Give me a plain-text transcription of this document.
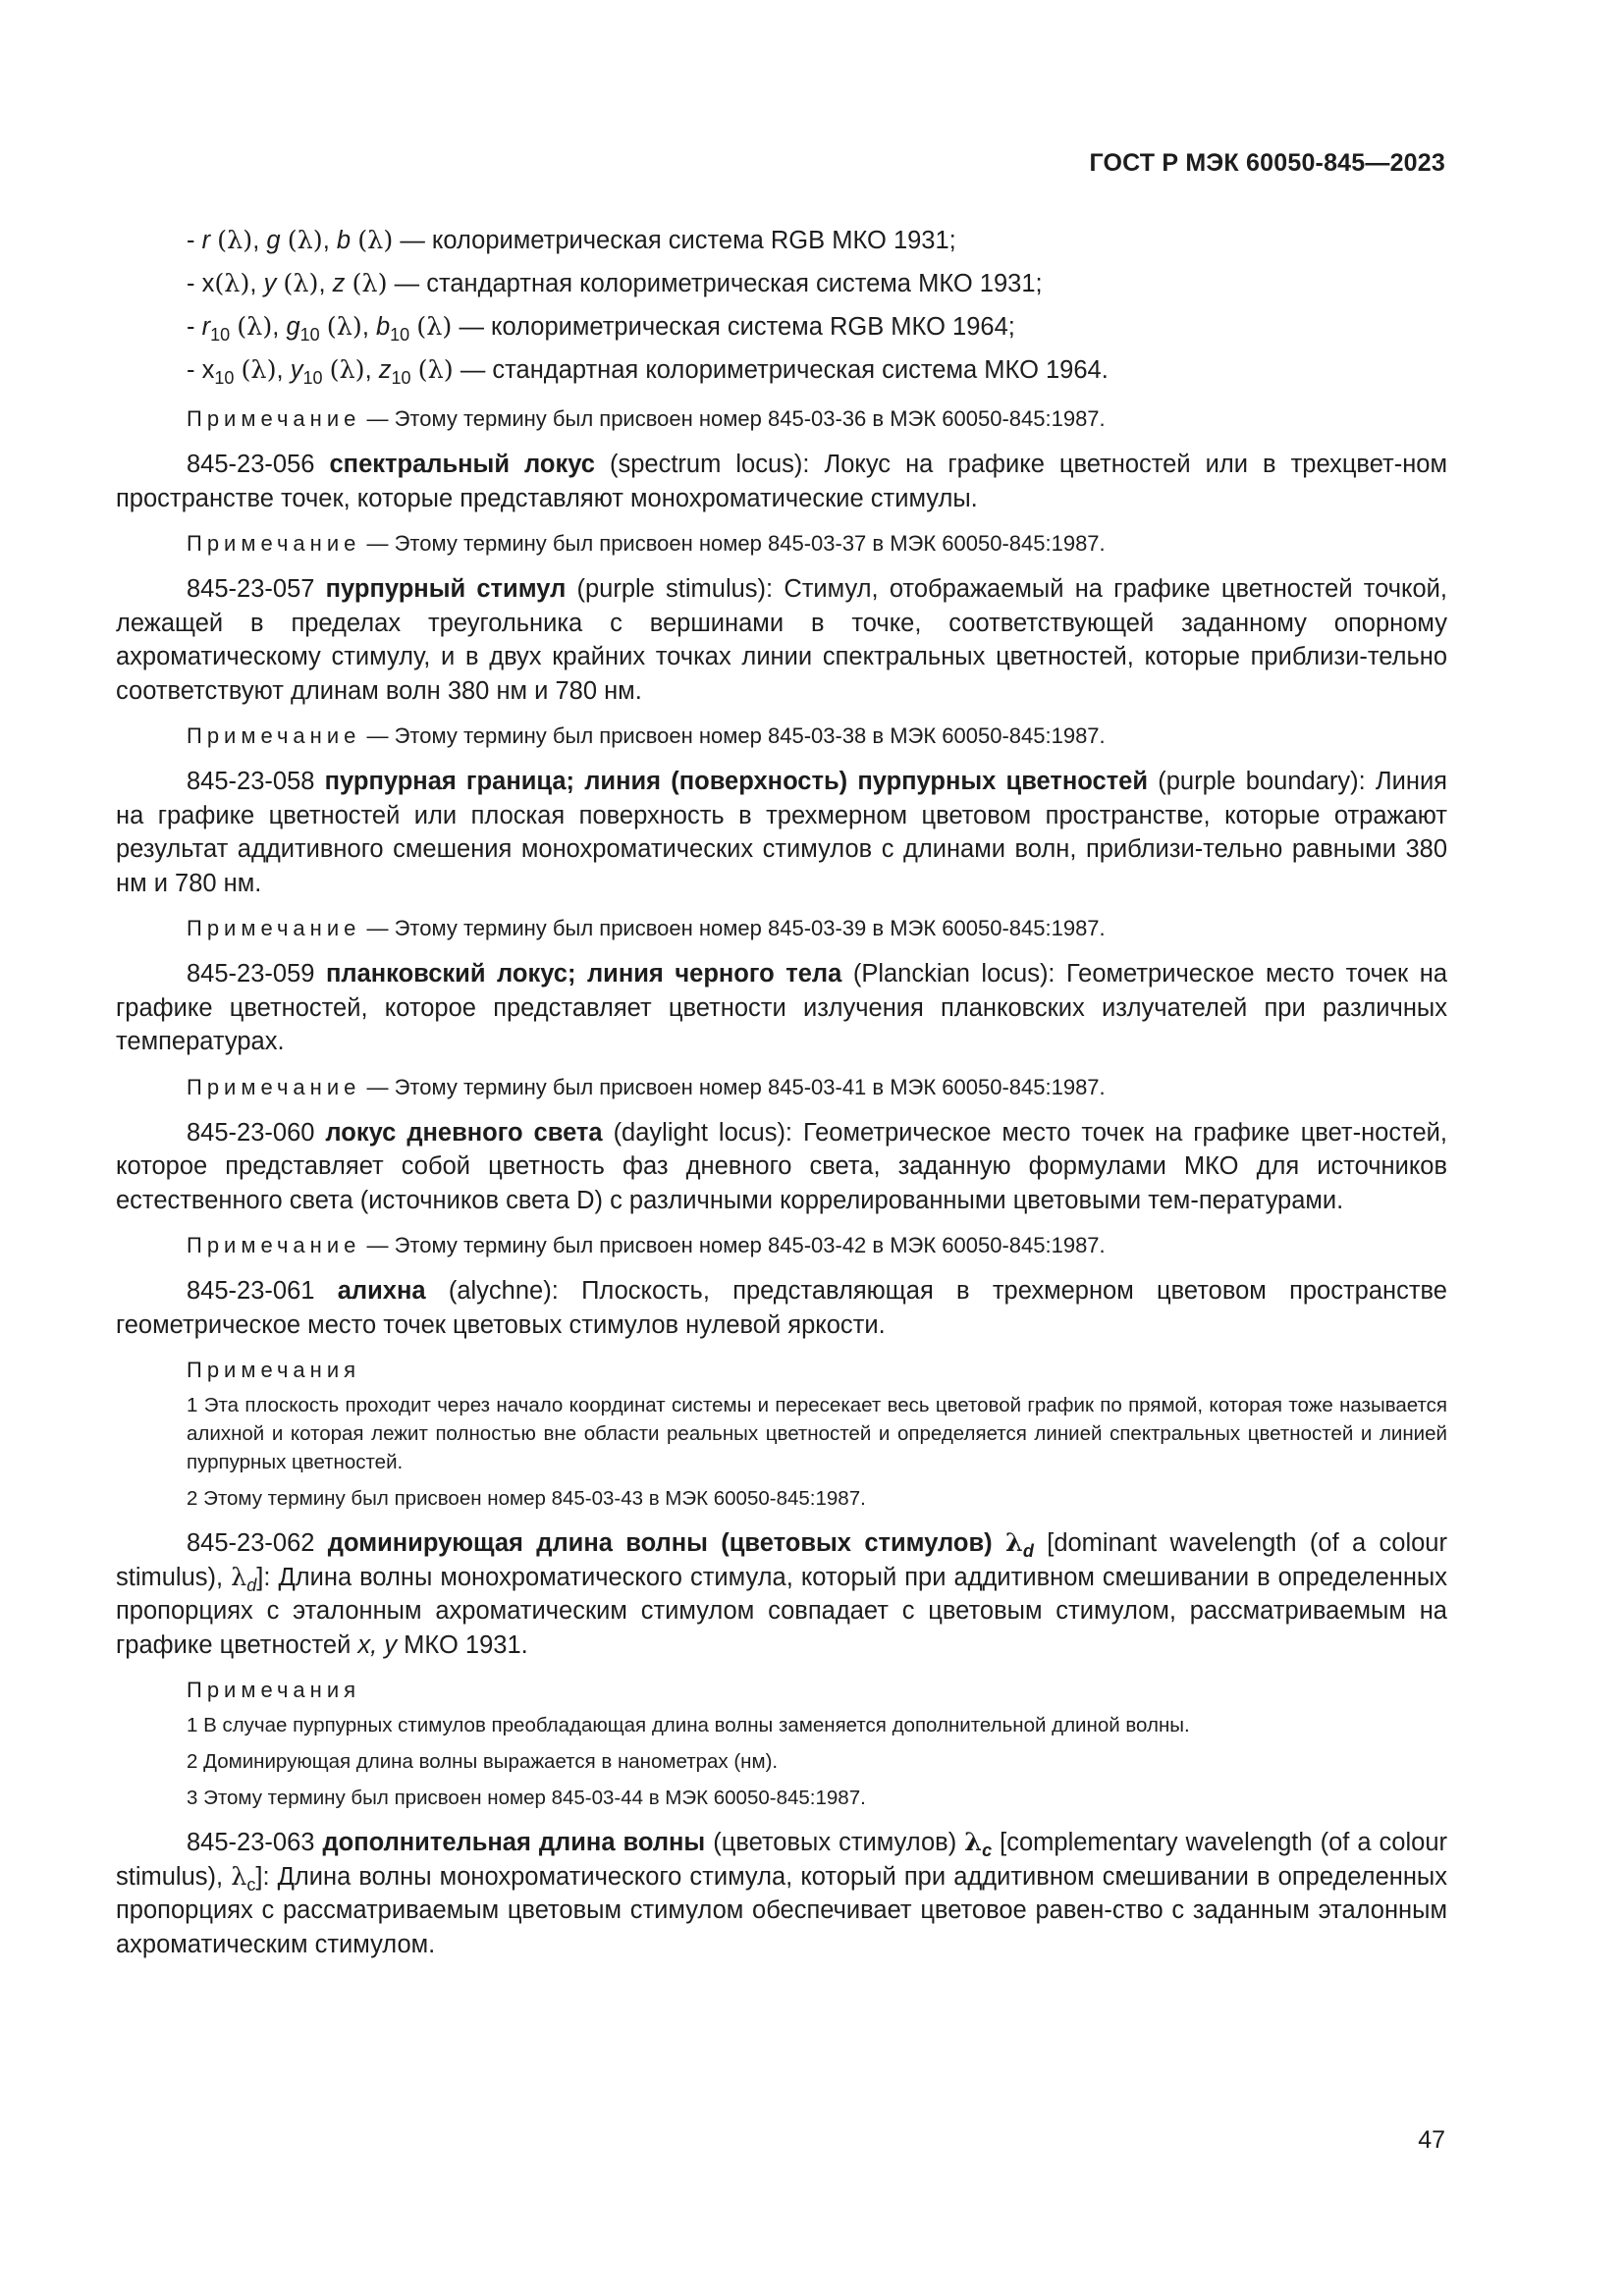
ГОСТ Р МЭК 60050-845—2023
- r (λ), g (λ), b (λ) — колориметрическая система RGB МКО 1931;
- x(λ), y (λ), z (λ) — стандартная колориметрическая система МКО 1931;
- $r_{10}$ (λ), $g_{10}$ (λ), $b_{10}$ (λ) — колориметрическая система RGB МКО 1964;
- $x_{10}$ (λ), $y_{10}$ (λ), $z_{10}$ (λ) — стандартная колориметрическая система МКО 1964.
Примечание — Этому термину был присвоен номер 845-03-36 в МЭК 60050-845:1987.

845-23-056 спектральный локус (spectrum locus): Локус на графике цветностей или в трехцвет-ном пространстве точек, которые представляют монохроматические стимулы.

Примечание — Этому термину был присвоен номер 845-03-37 в МЭК 60050-845:1987.

845-23-057 пурпурный стимул (purple stimulus): Стимул, отображаемый на графике цветностей точкой, лежащей в пределах треугольника с вершинами в точке, соответствующей заданному опорному ахроматическому стимулу, и в двух крайних точках линии спектральных цветностей, которые приблизи-тельно соответствуют длинам волн 380 нм и 780 нм.

Примечание — Этому термину был присвоен номер 845-03-38 в МЭК 60050-845:1987.

845-23-058 пурпурная граница; линия (поверхность) пурпурных цветностей (purple boundary): Линия на графике цветностей или плоская поверхность в трехмерном цветовом пространстве, которые отражают результат аддитивного смешения монохроматических стимулов с длинами волн, приблизи-тельно равными 380 нм и 780 нм.

Примечание — Этому термину был присвоен номер 845-03-39 в МЭК 60050-845:1987.

845-23-059 планковский локус; линия черного тела (Planckian locus): Геометрическое место точек на графике цветностей, которое представляет цветности излучения планковских излучателей при различных температурах.

Примечание — Этому термину был присвоен номер 845-03-41 в МЭК 60050-845:1987.

845-23-060 локус дневного света (daylight locus): Геометрическое место точек на графике цвет-ностей, которое представляет собой цветность фаз дневного света, заданную формулами МКО для источников естественного света (источников света D) с различными коррелированными цветовыми тем-пературами.

Примечание — Этому термину был присвоен номер 845-03-42 в МЭК 60050-845:1987.

845-23-061 алихна (alychne): Плоскость, представляющая в трехмерном цветовом пространстве геометрическое место точек цветовых стимулов нулевой яркости.

Примечания

1 Эта плоскость проходит через начало координат системы и пересекает весь цветовой график по прямой, которая тоже называется алихной и которая лежит полностью вне области реальных цветностей и определяется линией спектральных цветностей и линией пурпурных цветностей.

2 Этому термину был присвоен номер 845-03-43 в МЭК 60050-845:1987.

845-23-062 доминирующая длина волны (цветовых стимулов) $\lambda_d$ [dominant wavelength (of a colour stimulus), $\lambda_d$]: Длина волны монохроматического стимула, который при аддитивном смешивании в определенных пропорциях с эталонным ахроматическим стимулом совпадает с цветовым стимулом, рассматриваемым на графике цветностей x, y МКО 1931.

Примечания

1 В случае пурпурных стимулов преобладающая длина волны заменяется дополнительной длиной волны.

2 Доминирующая длина волны выражается в нанометрах (нм).

3 Этому термину был присвоен номер 845-03-44 в МЭК 60050-845:1987.

845-23-063 дополнительная длина волны (цветовых стимулов) $\lambda_c$ [complementary wavelength (of a colour stimulus), $\lambda_c$]: Длина волны монохроматического стимула, который при аддитивном смешивании в определенных пропорциях с рассматриваемым цветовым стимулом обеспечивает цветовое равен-ство с заданным эталонным ахроматическим стимулом.

47
